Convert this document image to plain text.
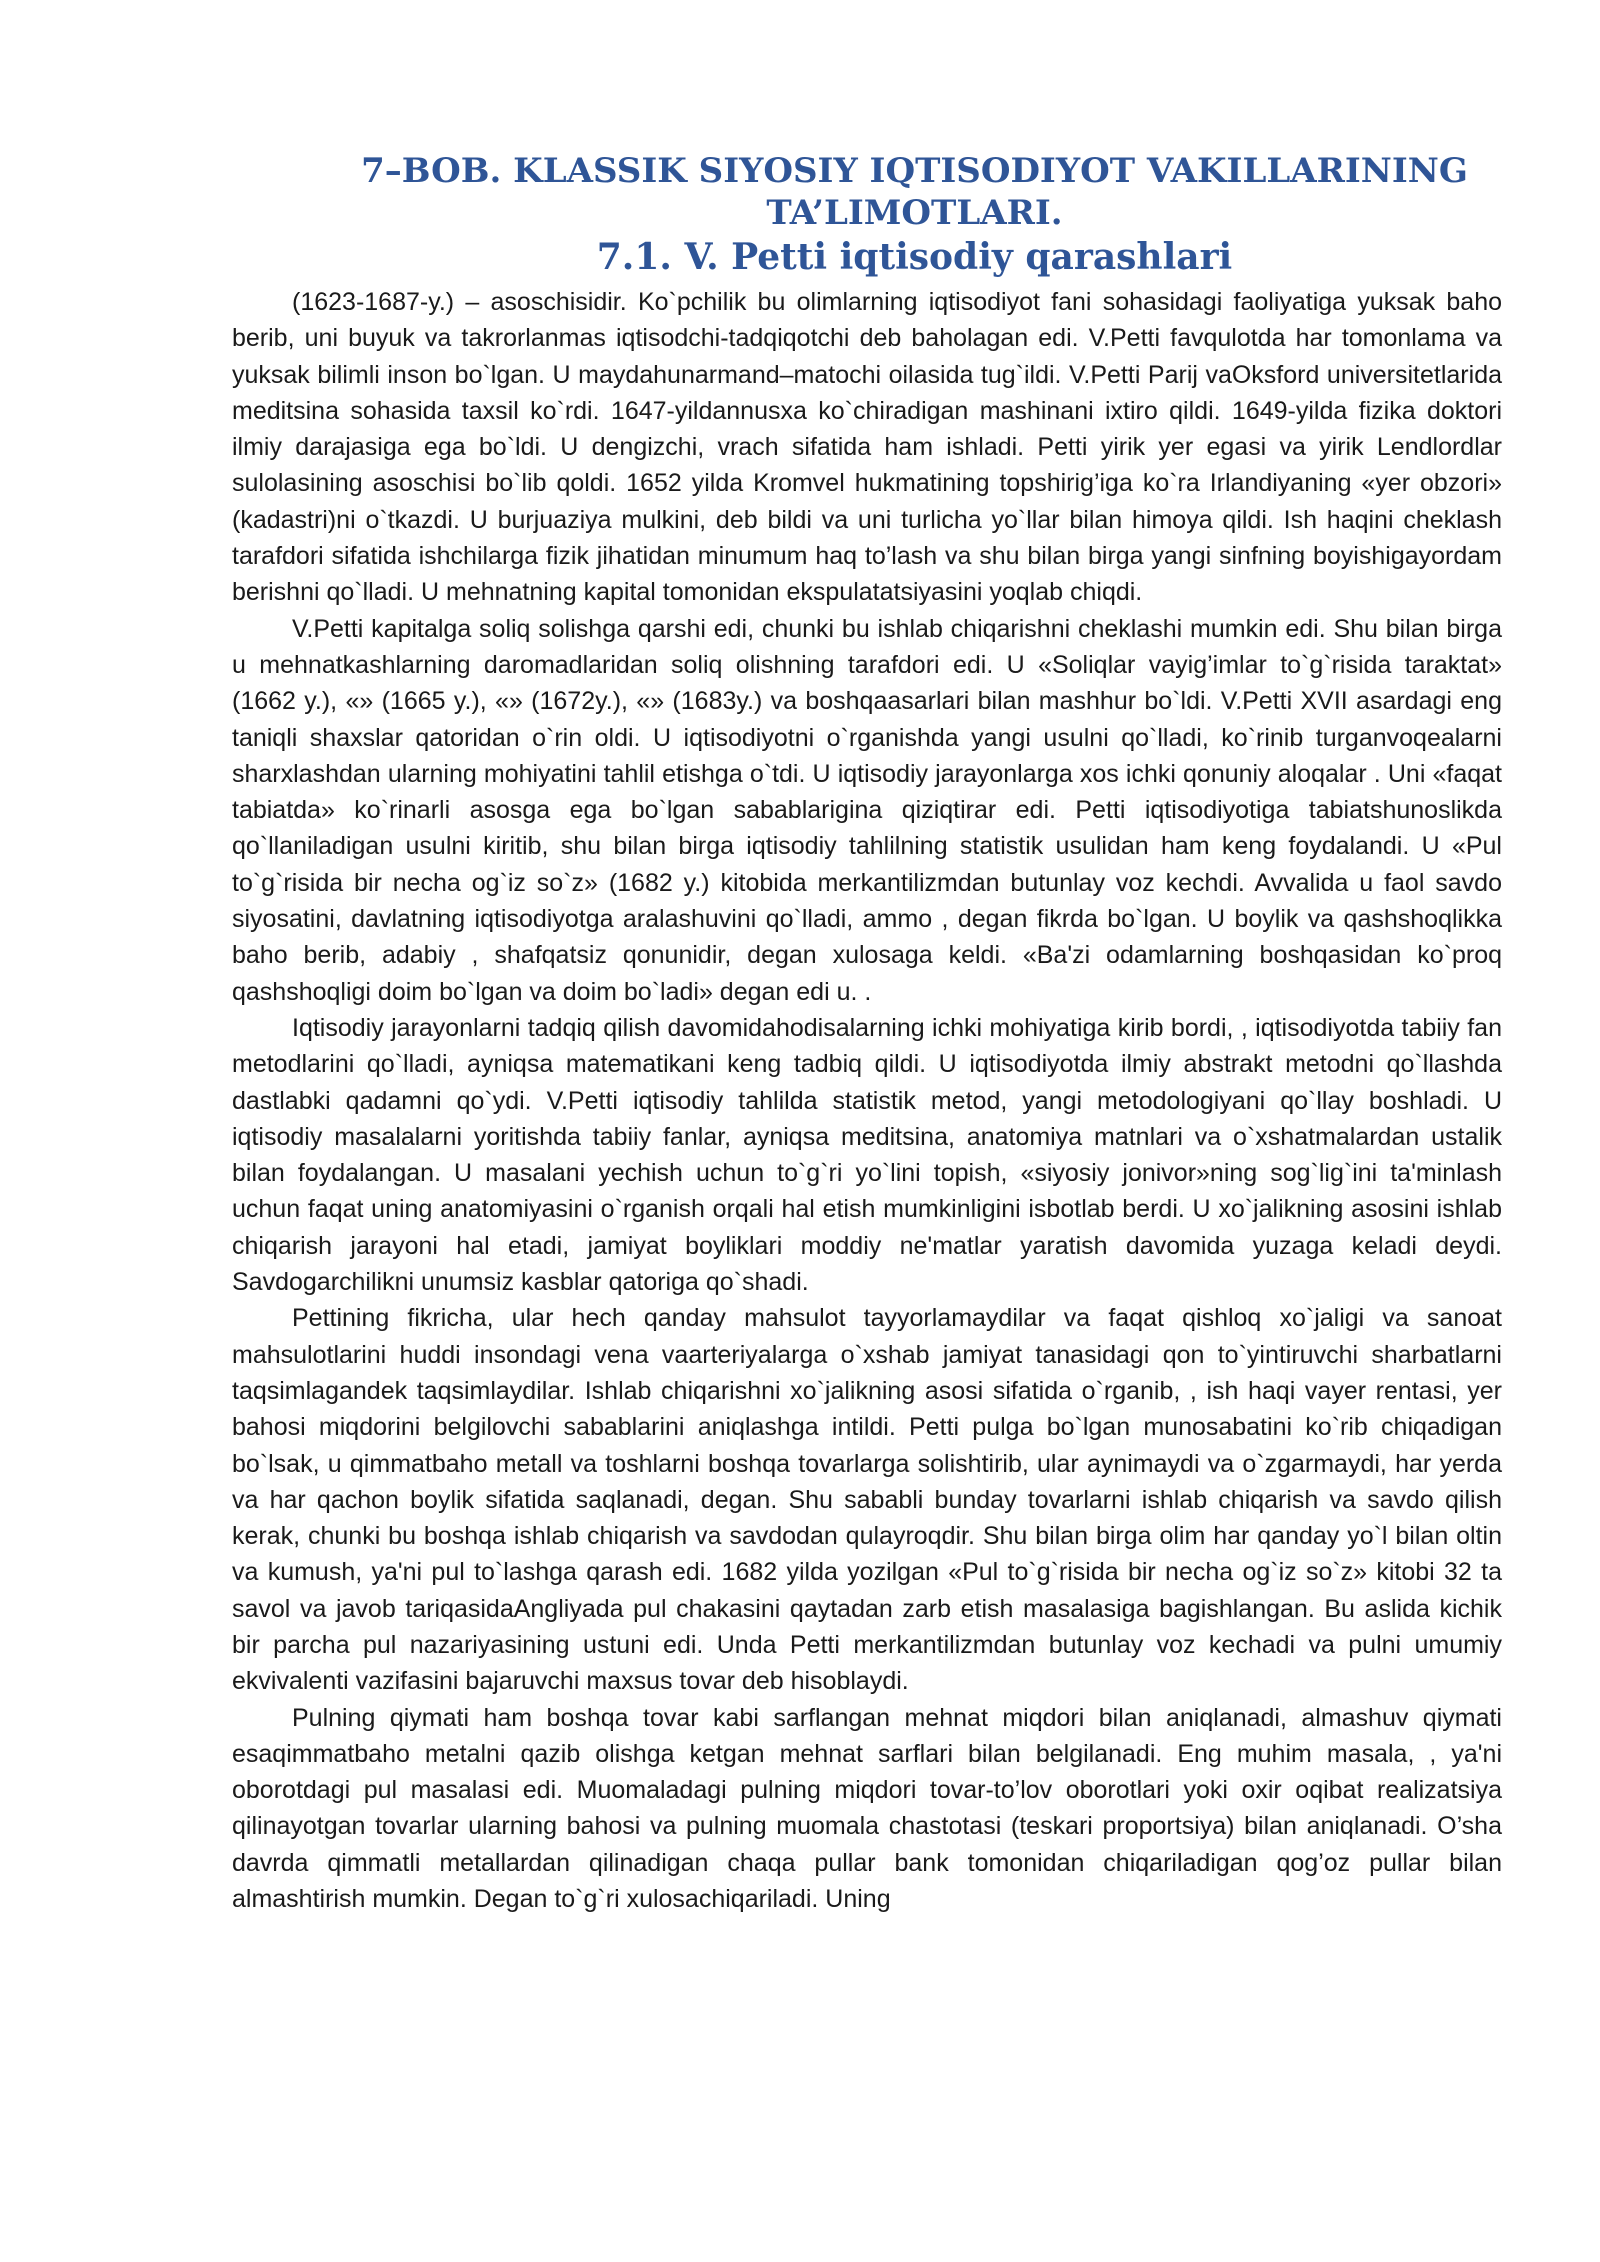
7–BOB. KLASSIK SIYOSIY IQTISODIYOT VAKILLARINING
TA’LIMOTLARI.
7.1. V. Petti iqtisodiy qarashlari

(1623-1687-y.) – asoschisidir. Ko`pchilik bu olimlarning iqtisodiyot fani sohasidagi faoliyatiga yuksak baho berib, uni buyuk va takrorlanmas iqtisodchi-tadqiqotchi deb baholagan edi. V.Petti favqulotda har tomonlama va yuksak bilimli inson bo`lgan. U maydahunarmand–matochi oilasida tug`ildi. V.Petti Parij vaOksford universitetlarida meditsina sohasida taxsil ko`rdi. 1647-yildannusxa ko`chiradigan mashinani ixtiro qildi. 1649-yilda fizika doktori ilmiy darajasiga ega bo`ldi. U dengizchi, vrach sifatida ham ishladi. Petti yirik yer egasi va yirik Lendlordlar sulolasining asoschisi bo`lib qoldi. 1652 yilda Kromvel hukmatining topshirig’iga ko`ra Irlandiyaning «yer obzori» (kadastri)ni o`tkazdi. U burjuaziya mulkini, deb bildi va uni turlicha yo`llar bilan himoya qildi. Ish haqini cheklash tarafdori sifatida ishchilarga fizik jihatidan minumum haq to’lash va shu bilan birga yangi sinfning boyishigayordam berishni qo`lladi. U mehnatning kapital tomonidan ekspulatatsiyasini yoqlab chiqdi.

V.Petti kapitalga soliq solishga qarshi edi, chunki bu ishlab chiqarishni cheklashi mumkin edi. Shu bilan birga u mehnatkashlarning daromadlaridan soliq olishning tarafdori edi. U «Soliqlar vayig’imlar to`g`risida taraktat» (1662 y.), «» (1665 y.), «» (1672y.), «» (1683y.) va boshqaasarlari bilan mashhur bo`ldi. V.Petti XVII asardagi eng taniqli shaxslar qatoridan o`rin oldi. U iqtisodiyotni o`rganishda yangi usulni qo`lladi, ko`rinib turganvoqealarni sharxlashdan ularning mohiyatini tahlil etishga o`tdi. U iqtisodiy jarayonlarga xos ichki qonuniy aloqalar . Uni «faqat tabiatda» ko`rinarli asosga ega bo`lgan sabablarigina qiziqtirar edi. Petti iqtisodiyotiga tabiatshunoslikda qo`llaniladigan usulni kiritib, shu bilan birga iqtisodiy tahlilning statistik usulidan ham keng foydalandi. U «Pul to`g`risida bir necha og`iz so`z» (1682 y.) kitobida merkantilizmdan butunlay voz kechdi. Avvalida u faol savdo siyosatini, davlatning iqtisodiyotga aralashuvini qo`lladi, ammo , degan fikrda bo`lgan. U boylik va qashshoqlikka baho berib, adabiy , shafqatsiz qonunidir, degan xulosaga keldi. «Ba'zi odamlarning boshqasidan ko`proq qashshoqligi doim bo`lgan va doim bo`ladi» degan edi u. .

Iqtisodiy jarayonlarni tadqiq qilish davomidahodisalarning ichki mohiyatiga kirib bordi, , iqtisodiyotda tabiiy fan metodlarini qo`lladi, ayniqsa matematikani keng tadbiq qildi. U iqtisodiyotda ilmiy abstrakt metodni qo`llashda dastlabki qadamni qo`ydi. V.Petti iqtisodiy tahlilda statistik metod, yangi metodologiyani qo`llay boshladi. U iqtisodiy masalalarni yoritishda tabiiy fanlar, ayniqsa meditsina, anatomiya matnlari va o`xshatmalardan ustalik bilan foydalangan. U masalani yechish uchun to`g`ri yo`lini topish, «siyosiy jonivor»ning sog`lig`ini ta'minlash uchun faqat uning anatomiyasini o`rganish orqali hal etish mumkinligini isbotlab berdi. U xo`jalikning asosini ishlab chiqarish jarayoni hal etadi, jamiyat boyliklari moddiy ne'matlar yaratish davomida yuzaga keladi deydi. Savdogarchilikni unumsiz kasblar qatoriga qo`shadi.

Pettining fikricha, ular hech qanday mahsulot tayyorlamaydilar va faqat qishloq xo`jaligi va sanoat mahsulotlarini huddi insondagi vena vaarteriyalarga o`xshab jamiyat tanasidagi qon to`yintiruvchi sharbatlarni taqsimlagandek taqsimlaydilar. Ishlab chiqarishni xo`jalikning asosi sifatida o`rganib, , ish haqi vayer rentasi, yer bahosi miqdorini belgilovchi sabablarini aniqlashga intildi. Petti pulga bo`lgan munosabatini ko`rib chiqadigan bo`lsak, u qimmatbaho metall va toshlarni boshqa tovarlarga solishtirib, ular aynimaydi va o`zgarmaydi, har yerda va har qachon boylik sifatida saqlanadi, degan. Shu sababli bunday tovarlarni ishlab chiqarish va savdo qilish kerak, chunki bu boshqa ishlab chiqarish va savdodan qulayroqdir. Shu bilan birga olim har qanday yo`l bilan oltin va kumush, ya'ni pul to`lashga qarash edi. 1682 yilda yozilgan «Pul to`g`risida bir necha og`iz so`z» kitobi 32 ta savol va javob tariqasidaAngliyada pul chakasini qaytadan zarb etish masalasiga bagishlangan. Bu aslida kichik bir parcha pul nazariyasining ustuni edi. Unda Petti merkantilizmdan butunlay voz kechadi va pulni umumiy ekvivalenti vazifasini bajaruvchi maxsus tovar deb hisoblaydi.

Pulning qiymati ham boshqa tovar kabi sarflangan mehnat miqdori bilan aniqlanadi, almashuv qiymati esaqimmatbaho metalni qazib olishga ketgan mehnat sarflari bilan belgilanadi. Eng muhim masala, , ya'ni oborotdagi pul masalasi edi. Muomaladagi pulning miqdori tovar-to’lov oborotlari yoki oxir oqibat realizatsiya qilinayotgan tovarlar ularning bahosi va pulning muomala chastotasi (teskari proportsiya) bilan aniqlanadi. O’sha davrda qimmatli metallardan qilinadigan chaqa pullar bank tomonidan chiqariladigan qog’oz pullar bilan almashtirish mumkin. Degan to`g`ri xulosachiqariladi. Uning
